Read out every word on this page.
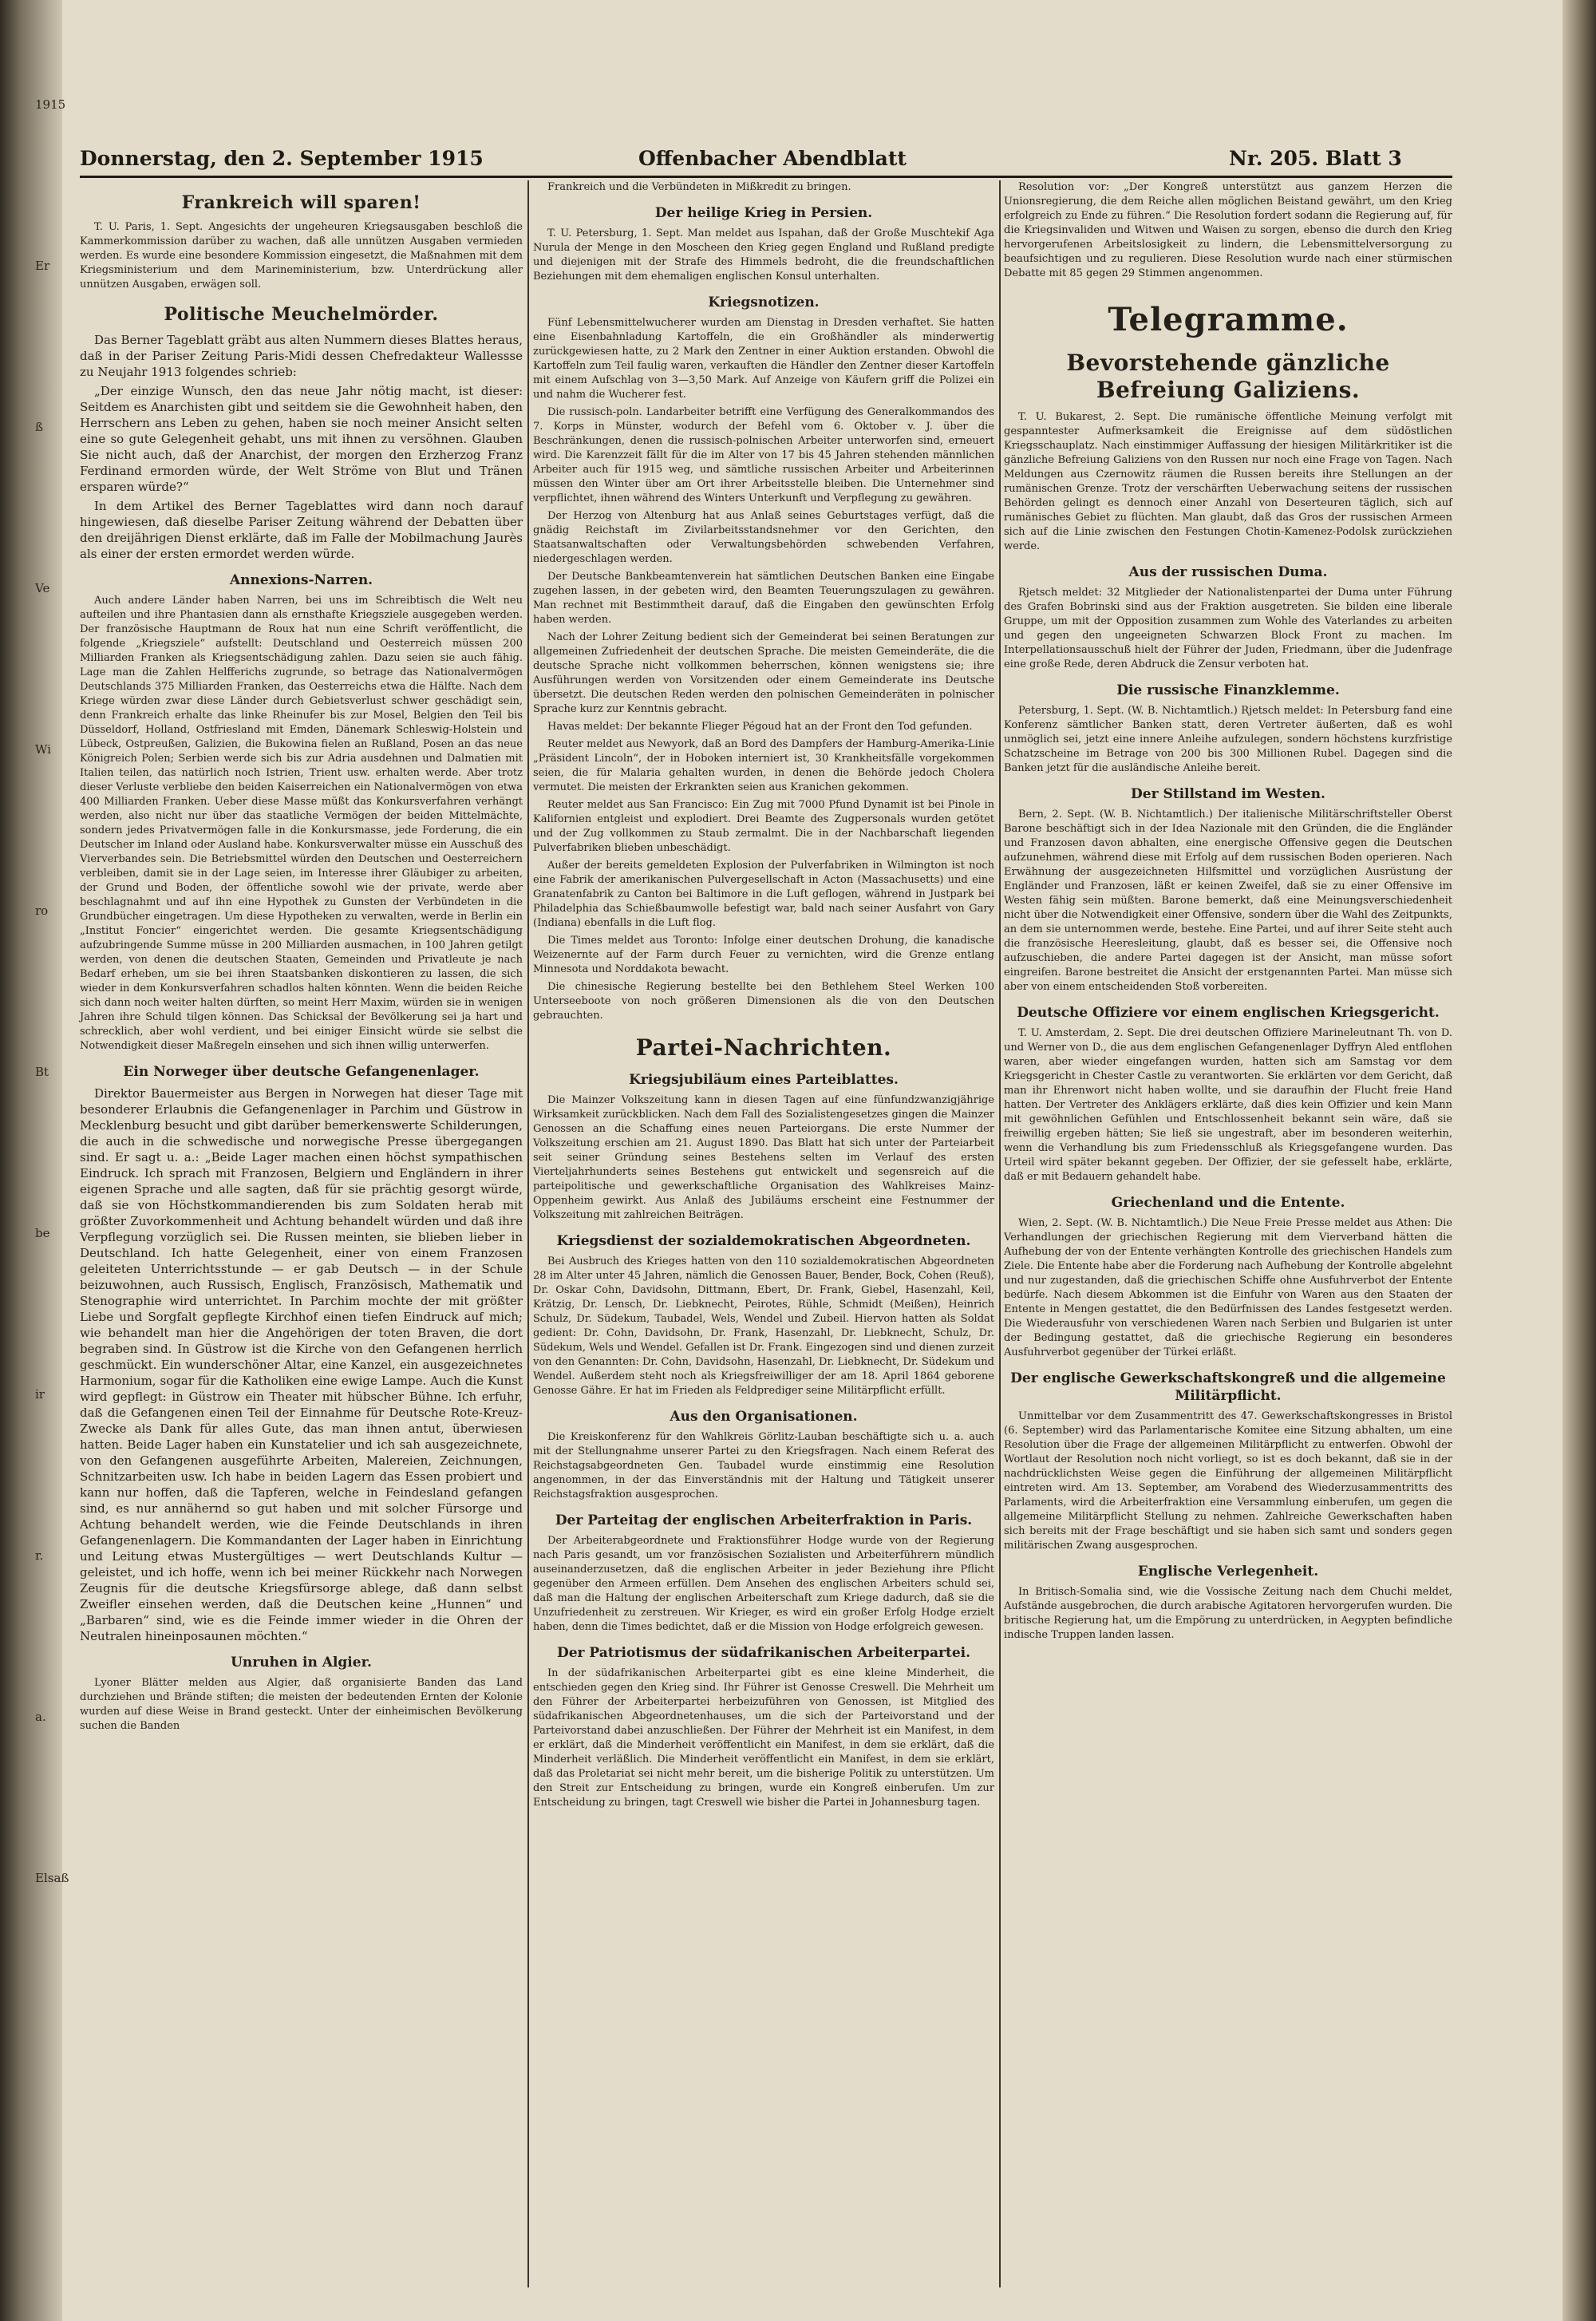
1915
Er
ß
Ve
Wi
ro
Bt
be
ir
r.
a.
Elsaß
Donnerstag, den 2. September 1915	Offenbacher Abendblatt	Nr. 205. Blatt 3
Frankreich will sparen!

T. U. Paris, 1. Sept. Angesichts der ungeheuren Kriegsausgaben beschloß die Kammerkommission darüber zu wachen, daß alle unnützen Ausgaben vermieden werden. Es wurde eine besondere Kommission eingesetzt, die Maßnahmen mit dem Kriegsministerium und dem Marineministerium, bzw. Unterdrückung aller unnützen Ausgaben, erwägen soll.

Politische Meuchelmörder.

Das Berner Tageblatt gräbt aus alten Nummern dieses Blattes heraus, daß in der Pariser Zeitung Paris-Midi dessen Chefredakteur Wallessse zu Neujahr 1913 folgendes schrieb:

„Der einzige Wunsch, den das neue Jahr nötig macht, ist dieser: Seitdem es Anarchisten gibt und seitdem sie die Gewohnheit haben, den Herrschern ans Leben zu gehen, haben sie noch meiner Ansicht selten eine so gute Gelegenheit gehabt, uns mit ihnen zu versöhnen. Glauben Sie nicht auch, daß der Anarchist, der morgen den Erzherzog Franz Ferdinand ermorden würde, der Welt Ströme von Blut und Tränen ersparen würde?“

In dem Artikel des Berner Tageblattes wird dann noch darauf hingewiesen, daß dieselbe Pariser Zeitung während der Debatten über den dreijährigen Dienst erklärte, daß im Falle der Mobilmachung Jaurès als einer der ersten ermordet werden würde.

Annexions-Narren.

Auch andere Länder haben Narren, bei uns im Schreibtisch die Welt neu aufteilen und ihre Phantasien dann als ernsthafte Kriegsziele ausgegeben werden. Der französische Hauptmann de Roux hat nun eine Schrift veröffentlicht, die folgende „Kriegsziele“ aufstellt: Deutschland und Oesterreich müssen 200 Milliarden Franken als Kriegsentschädigung zahlen. Dazu seien sie auch fähig. Lage man die Zahlen Helfferichs zugrunde, so betrage das Nationalvermögen Deutschlands 375 Milliarden Franken, das Oesterreichs etwa die Hälfte. Nach dem Kriege würden zwar diese Länder durch Gebietsverlust schwer geschädigt sein, denn Frankreich erhalte das linke Rheinufer bis zur Mosel, Belgien den Teil bis Düsseldorf, Holland, Ostfriesland mit Emden, Dänemark Schleswig-Holstein und Lübeck, Ostpreußen, Galizien, die Bukowina fielen an Rußland, Posen an das neue Königreich Polen; Serbien werde sich bis zur Adria ausdehnen und Dalmatien mit Italien teilen, das natürlich noch Istrien, Trient usw. erhalten werde. Aber trotz dieser Verluste verbliebe den beiden Kaiserreichen ein Nationalvermögen von etwa 400 Milliarden Franken. Ueber diese Masse müßt das Konkursverfahren verhängt werden, also nicht nur über das staatliche Vermögen der beiden Mittelmächte, sondern jedes Privatvermögen falle in die Konkursmasse, jede Forderung, die ein Deutscher im Inland oder Ausland habe. Konkursverwalter müsse ein Ausschuß des Vierverbandes sein. Die Betriebsmittel würden den Deutschen und Oesterreichern verbleiben, damit sie in der Lage seien, im Interesse ihrer Gläubiger zu arbeiten, der Grund und Boden, der öffentliche sowohl wie der private, werde aber beschlagnahmt und auf ihn eine Hypothek zu Gunsten der Verbündeten in die Grundbücher eingetragen. Um diese Hypotheken zu verwalten, werde in Berlin ein „Institut Foncier“ eingerichtet werden. Die gesamte Kriegsentschädigung aufzubringende Summe müsse in 200 Milliarden ausmachen, in 100 Jahren getilgt werden, von denen die deutschen Staaten, Gemeinden und Privatleute je nach Bedarf erheben, um sie bei ihren Staatsbanken diskontieren zu lassen, die sich wieder in dem Konkursverfahren schadlos halten könnten. Wenn die beiden Reiche sich dann noch weiter halten dürften, so meint Herr Maxim, würden sie in wenigen Jahren ihre Schuld tilgen können. Das Schicksal der Bevölkerung sei ja hart und schrecklich, aber wohl verdient, und bei einiger Einsicht würde sie selbst die Notwendigkeit dieser Maßregeln einsehen und sich ihnen willig unterwerfen.

Ein Norweger über deutsche Gefangenenlager.

Direktor Bauermeister aus Bergen in Norwegen hat dieser Tage mit besonderer Erlaubnis die Gefangenenlager in Parchim und Güstrow in Mecklenburg besucht und gibt darüber bemerkenswerte Schilderungen, die auch in die schwedische und norwegische Presse übergegangen sind. Er sagt u. a.: „Beide Lager machen einen höchst sympathischen Eindruck. Ich sprach mit Franzosen, Belgiern und Engländern in ihrer eigenen Sprache und alle sagten, daß für sie prächtig gesorgt würde, daß sie von Höchstkommandierenden bis zum Soldaten herab mit größter Zuvorkommenheit und Achtung behandelt würden und daß ihre Verpflegung vorzüglich sei. Die Russen meinten, sie blieben lieber in Deutschland. Ich hatte Gelegenheit, einer von einem Franzosen geleiteten Unterrichtsstunde — er gab Deutsch — in der Schule beizuwohnen, auch Russisch, Englisch, Französisch, Mathematik und Stenographie wird unterrichtet. In Parchim mochte der mit größter Liebe und Sorgfalt gepflegte Kirchhof einen tiefen Eindruck auf mich; wie behandelt man hier die Angehörigen der toten Braven, die dort begraben sind. In Güstrow ist die Kirche von den Gefangenen herrlich geschmückt. Ein wunderschöner Altar, eine Kanzel, ein ausgezeichnetes Harmonium, sogar für die Katholiken eine ewige Lampe. Auch die Kunst wird gepflegt: in Güstrow ein Theater mit hübscher Bühne. Ich erfuhr, daß die Gefangenen einen Teil der Einnahme für Deutsche Rote-Kreuz-Zwecke als Dank für alles Gute, das man ihnen antut, überwiesen hatten. Beide Lager haben ein Kunstatelier und ich sah ausgezeichnete, von den Gefangenen ausgeführte Arbeiten, Malereien, Zeichnungen, Schnitzarbeiten usw. Ich habe in beiden Lagern das Essen probiert und kann nur hoffen, daß die Tapferen, welche in Feindesland gefangen sind, es nur annähernd so gut haben und mit solcher Fürsorge und Achtung behandelt werden, wie die Feinde Deutschlands in ihren Gefangenenlagern. Die Kommandanten der Lager haben in Einrichtung und Leitung etwas Mustergültiges — wert Deutschlands Kultur — geleistet, und ich hoffe, wenn ich bei meiner Rückkehr nach Norwegen Zeugnis für die deutsche Kriegsfürsorge ablege, daß dann selbst Zweifler einsehen werden, daß die Deutschen keine „Hunnen“ und „Barbaren“ sind, wie es die Feinde immer wieder in die Ohren der Neutralen hineinposaunen möchten.“

Unruhen in Algier.

Lyoner Blätter melden aus Algier, daß organisierte Banden das Land durchziehen und Brände stiften; die meisten der bedeutenden Ernten der Kolonie wurden auf diese Weise in Brand gesteckt. Unter der einheimischen Bevölkerung suchen die Banden

Frankreich und die Verbündeten in Mißkredit zu bringen.

Der heilige Krieg in Persien.

T. U. Petersburg, 1. Sept. Man meldet aus Ispahan, daß der Große Muschtekif Aga Nurula der Menge in den Moscheen den Krieg gegen England und Rußland predigte und diejenigen mit der Strafe des Himmels bedroht, die die freundschaftlichen Beziehungen mit dem ehemaligen englischen Konsul unterhalten.

Kriegsnotizen.

Fünf Lebensmittelwucherer wurden am Dienstag in Dresden verhaftet. Sie hatten eine Eisenbahnladung Kartoffeln, die ein Großhändler als minderwertig zurückgewiesen hatte, zu 2 Mark den Zentner in einer Auktion erstanden. Obwohl die Kartoffeln zum Teil faulig waren, verkauften die Händler den Zentner dieser Kartoffeln mit einem Aufschlag von 3—3,50 Mark. Auf Anzeige von Käufern griff die Polizei ein und nahm die Wucherer fest.

Die russisch-poln. Landarbeiter betrifft eine Verfügung des Generalkommandos des 7. Korps in Münster, wodurch der Befehl vom 6. Oktober v. J. über die Beschränkungen, denen die russisch-polnischen Arbeiter unterworfen sind, erneuert wird. Die Karenzzeit fällt für die im Alter von 17 bis 45 Jahren stehenden männlichen Arbeiter auch für 1915 weg, und sämtliche russischen Arbeiter und Arbeiterinnen müssen den Winter über am Ort ihrer Arbeitsstelle bleiben. Die Unternehmer sind verpflichtet, ihnen während des Winters Unterkunft und Verpflegung zu gewähren.

Der Herzog von Altenburg hat aus Anlaß seines Geburtstages verfügt, daß die gnädig Reichstaft im Zivilarbeitsstandsnehmer vor den Gerichten, den Staatsanwaltschaften oder Verwaltungsbehörden schwebenden Verfahren, niedergeschlagen werden.

Der Deutsche Bankbeamtenverein hat sämtlichen Deutschen Banken eine Eingabe zugehen lassen, in der gebeten wird, den Beamten Teuerungszulagen zu gewähren. Man rechnet mit Bestimmtheit darauf, daß die Eingaben den gewünschten Erfolg haben werden.

Nach der Lohrer Zeitung bedient sich der Gemeinderat bei seinen Beratungen zur allgemeinen Zufriedenheit der deutschen Sprache. Die meisten Gemeinderäte, die die deutsche Sprache nicht vollkommen beherrschen, können wenigstens sie; ihre Ausführungen werden von Vorsitzenden oder einem Gemeinderate ins Deutsche übersetzt. Die deutschen Reden werden den polnischen Gemeinderäten in polnischer Sprache kurz zur Kenntnis gebracht.

Havas meldet: Der bekannte Flieger Pégoud hat an der Front den Tod gefunden.

Reuter meldet aus Newyork, daß an Bord des Dampfers der Hamburg-Amerika-Linie „Präsident Lincoln“, der in Hoboken interniert ist, 30 Krankheitsfälle vorgekommen seien, die für Malaria gehalten wurden, in denen die Behörde jedoch Cholera vermutet. Die meisten der Erkrankten seien aus Kranichen gekommen.

Reuter meldet aus San Francisco: Ein Zug mit 7000 Pfund Dynamit ist bei Pinole in Kalifornien entgleist und explodiert. Drei Beamte des Zugpersonals wurden getötet und der Zug vollkommen zu Staub zermalmt. Die in der Nachbarschaft liegenden Pulverfabriken blieben unbeschädigt.

Außer der bereits gemeldeten Explosion der Pulverfabriken in Wilmington ist noch eine Fabrik der amerikanischen Pulvergesellschaft in Acton (Massachusetts) und eine Granatenfabrik zu Canton bei Baltimore in die Luft geflogen, während in Justpark bei Philadelphia das Schießbaumwolle befestigt war, bald nach seiner Ausfahrt von Gary (Indiana) ebenfalls in die Luft flog.

Die Times meldet aus Toronto: Infolge einer deutschen Drohung, die kanadische Weizenernte auf der Farm durch Feuer zu vernichten, wird die Grenze entlang Minnesota und Norddakota bewacht.

Die chinesische Regierung bestellte bei den Bethlehem Steel Werken 100 Unterseeboote von noch größeren Dimensionen als die von den Deutschen gebrauchten.

Partei-Nachrichten.
Kriegsjubiläum eines Parteiblattes.

Die Mainzer Volkszeitung kann in diesen Tagen auf eine fünfundzwanzigjährige Wirksamkeit zurückblicken. Nach dem Fall des Sozialistengesetzes gingen die Mainzer Genossen an die Schaffung eines neuen Parteiorgans. Die erste Nummer der Volkszeitung erschien am 21. August 1890. Das Blatt hat sich unter der Parteiarbeit seit seiner Gründung seines Bestehens selten im Verlauf des ersten Vierteljahrhunderts seines Bestehens gut entwickelt und segensreich auf die parteipolitische und gewerkschaftliche Organisation des Wahlkreises Mainz-Oppenheim gewirkt. Aus Anlaß des Jubiläums erscheint eine Festnummer der Volkszeitung mit zahlreichen Beiträgen.

Kriegsdienst der sozialdemokratischen Abgeordneten.

Bei Ausbruch des Krieges hatten von den 110 sozialdemokratischen Abgeordneten 28 im Alter unter 45 Jahren, nämlich die Genossen Bauer, Bender, Bock, Cohen (Reuß), Dr. Oskar Cohn, Davidsohn, Dittmann, Ebert, Dr. Frank, Giebel, Hasenzahl, Keil, Krätzig, Dr. Lensch, Dr. Liebknecht, Peirotes, Rühle, Schmidt (Meißen), Heinrich Schulz, Dr. Südekum, Taubadel, Wels, Wendel und Zubeil. Hiervon hatten als Soldat gedient: Dr. Cohn, Davidsohn, Dr. Frank, Hasenzahl, Dr. Liebknecht, Schulz, Dr. Südekum, Wels und Wendel. Gefallen ist Dr. Frank. Eingezogen sind und dienen zurzeit von den Genannten: Dr. Cohn, Davidsohn, Hasenzahl, Dr. Liebknecht, Dr. Südekum und Wendel. Außerdem steht noch als Kriegsfreiwilliger der am 18. April 1864 geborene Genosse Gähre. Er hat im Frieden als Feldprediger seine Militärpflicht erfüllt.

Aus den Organisationen.

Die Kreiskonferenz für den Wahlkreis Görlitz-Lauban beschäftigte sich u. a. auch mit der Stellungnahme unserer Partei zu den Kriegsfragen. Nach einem Referat des Reichstagsabgeordneten Gen. Taubadel wurde einstimmig eine Resolution angenommen, in der das Einverständnis mit der Haltung und Tätigkeit unserer Reichstagsfraktion ausgesprochen.

Der Parteitag der englischen Arbeiterfraktion in Paris.

Der Arbeiterabgeordnete und Fraktionsführer Hodge wurde von der Regierung nach Paris gesandt, um vor französischen Sozialisten und Arbeiterführern mündlich auseinanderzusetzen, daß die englischen Arbeiter in jeder Beziehung ihre Pflicht gegenüber den Armeen erfüllen. Dem Ansehen des englischen Arbeiters schuld sei, daß man die Haltung der englischen Arbeiterschaft zum Kriege dadurch, daß sie die Unzufriedenheit zu zerstreuen. Wir Krieger, es wird ein großer Erfolg Hodge erzielt haben, denn die Times bedichtet, daß er die Mission von Hodge erfolgreich gewesen.

Der Patriotismus der südafrikanischen Arbeiterpartei.

In der südafrikanischen Arbeiterpartei gibt es eine kleine Minderheit, die entschieden gegen den Krieg sind. Ihr Führer ist Genosse Creswell. Die Mehrheit um den Führer der Arbeiterpartei herbeizuführen von Genossen, ist Mitglied des südafrikanischen Abgeordnetenhauses, um die sich der Parteivorstand und der Parteivorstand dabei anzuschließen. Der Führer der Mehrheit ist ein Manifest, in dem er erklärt, daß die Minderheit veröffentlicht ein Manifest, in dem sie erklärt, daß die Minderheit verläßlich. Die Minderheit veröffentlicht ein Manifest, in dem sie erklärt, daß das Proletariat sei nicht mehr bereit, um die bisherige Politik zu unterstützen. Um den Streit zur Entscheidung zu bringen, wurde ein Kongreß einberufen. Um zur Entscheidung zu bringen, tagt Creswell wie bisher die Partei in Johannesburg tagen.

Resolution vor: „Der Kongreß unterstützt aus ganzem Herzen die Unionsregierung, die dem Reiche allen möglichen Beistand gewährt, um den Krieg erfolgreich zu Ende zu führen.“ Die Resolution fordert sodann die Regierung auf, für die Kriegsinvaliden und Witwen und Waisen zu sorgen, ebenso die durch den Krieg hervorgerufenen Arbeitslosigkeit zu lindern, die Lebensmittelversorgung zu beaufsichtigen und zu regulieren. Diese Resolution wurde nach einer stürmischen Debatte mit 85 gegen 29 Stimmen angenommen.

Telegramme.
Bevorstehende gänzliche Befreiung Galiziens.

T. U. Bukarest, 2. Sept. Die rumänische öffentliche Meinung verfolgt mit gespanntester Aufmerksamkeit die Ereignisse auf dem südöstlichen Kriegsschauplatz. Nach einstimmiger Auffassung der hiesigen Militärkritiker ist die gänzliche Befreiung Galiziens von den Russen nur noch eine Frage von Tagen. Nach Meldungen aus Czernowitz räumen die Russen bereits ihre Stellungen an der rumänischen Grenze. Trotz der verschärften Ueberwachung seitens der russischen Behörden gelingt es dennoch einer Anzahl von Deserteuren täglich, sich auf rumänisches Gebiet zu flüchten. Man glaubt, daß das Gros der russischen Armeen sich auf die Linie zwischen den Festungen Chotin-Kamenez-Podolsk zurückziehen werde.

Aus der russischen Duma.

Rjetsch meldet: 32 Mitglieder der Nationalistenpartei der Duma unter Führung des Grafen Bobrinski sind aus der Fraktion ausgetreten. Sie bilden eine liberale Gruppe, um mit der Opposition zusammen zum Wohle des Vaterlandes zu arbeiten und gegen den ungeeigneten Schwarzen Block Front zu machen. Im Interpellationsausschuß hielt der Führer der Juden, Friedmann, über die Judenfrage eine große Rede, deren Abdruck die Zensur verboten hat.

Die russische Finanzklemme.

Petersburg, 1. Sept. (W. B. Nichtamtlich.) Rjetsch meldet: In Petersburg fand eine Konferenz sämtlicher Banken statt, deren Vertreter äußerten, daß es wohl unmöglich sei, jetzt eine innere Anleihe aufzulegen, sondern höchstens kurzfristige Schatzscheine im Betrage von 200 bis 300 Millionen Rubel. Dagegen sind die Banken jetzt für die ausländische Anleihe bereit.

Der Stillstand im Westen.

Bern, 2. Sept. (W. B. Nichtamtlich.) Der italienische Militärschriftsteller Oberst Barone beschäftigt sich in der Idea Nazionale mit den Gründen, die die Engländer und Franzosen davon abhalten, eine energische Offensive gegen die Deutschen aufzunehmen, während diese mit Erfolg auf dem russischen Boden operieren. Nach Erwähnung der ausgezeichneten Hilfsmittel und vorzüglichen Ausrüstung der Engländer und Franzosen, läßt er keinen Zweifel, daß sie zu einer Offensive im Westen fähig sein müßten. Barone bemerkt, daß eine Meinungsverschiedenheit nicht über die Notwendigkeit einer Offensive, sondern über die Wahl des Zeitpunkts, an dem sie unternommen werde, bestehe. Eine Partei, und auf ihrer Seite steht auch die französische Heeresleitung, glaubt, daß es besser sei, die Offensive noch aufzuschieben, die andere Partei dagegen ist der Ansicht, man müsse sofort eingreifen. Barone bestreitet die Ansicht der erstgenannten Partei. Man müsse sich aber von einem entscheidenden Stoß vorbereiten.

Deutsche Offiziere vor einem englischen Kriegsgericht.

T. U. Amsterdam, 2. Sept. Die drei deutschen Offiziere Marineleutnant Th. von D. und Werner von D., die aus dem englischen Gefangenenlager Dyffryn Aled entflohen waren, aber wieder eingefangen wurden, hatten sich am Samstag vor dem Kriegsgericht in Chester Castle zu verantworten. Sie erklärten vor dem Gericht, daß man ihr Ehrenwort nicht haben wollte, und sie daraufhin der Flucht freie Hand hatten. Der Vertreter des Anklägers erklärte, daß dies kein Offizier und kein Mann mit gewöhnlichen Gefühlen und Entschlossenheit bekannt sein wäre, daß sie freiwillig ergeben hätten; Sie ließ sie ungestraft, aber im besonderen weiterhin, wenn die Verhandlung bis zum Friedensschluß als Kriegsgefangene wurden. Das Urteil wird später bekannt gegeben. Der Offizier, der sie gefesselt habe, erklärte, daß er mit Bedauern gehandelt habe.

Griechenland und die Entente.

Wien, 2. Sept. (W. B. Nichtamtlich.) Die Neue Freie Presse meldet aus Athen: Die Verhandlungen der griechischen Regierung mit dem Vierverband hätten die Aufhebung der von der Entente verhängten Kontrolle des griechischen Handels zum Ziele. Die Entente habe aber die Forderung nach Aufhebung der Kontrolle abgelehnt und nur zugestanden, daß die griechischen Schiffe ohne Ausfuhrverbot der Entente bedürfe. Nach diesem Abkommen ist die Einfuhr von Waren aus den Staaten der Entente in Mengen gestattet, die den Bedürfnissen des Landes festgesetzt werden. Die Wiederausfuhr von verschiedenen Waren nach Serbien und Bulgarien ist unter der Bedingung gestattet, daß die griechische Regierung ein besonderes Ausfuhrverbot gegenüber der Türkei erläßt.

Der englische Gewerkschaftskongreß und die allgemeine Militärpflicht.

Unmittelbar vor dem Zusammentritt des 47. Gewerkschaftskongresses in Bristol (6. September) wird das Parlamentarische Komitee eine Sitzung abhalten, um eine Resolution über die Frage der allgemeinen Militärpflicht zu entwerfen. Obwohl der Wortlaut der Resolution noch nicht vorliegt, so ist es doch bekannt, daß sie in der nachdrücklichsten Weise gegen die Einführung der allgemeinen Militärpflicht eintreten wird. Am 13. September, am Vorabend des Wiederzusammentritts des Parlaments, wird die Arbeiterfraktion eine Versammlung einberufen, um gegen die allgemeine Militärpflicht Stellung zu nehmen. Zahlreiche Gewerkschaften haben sich bereits mit der Frage beschäftigt und sie haben sich samt und sonders gegen militärischen Zwang ausgesprochen.

Englische Verlegenheit.

In Britisch-Somalia sind, wie die Vossische Zeitung nach dem Chuchi meldet, Aufstände ausgebrochen, die durch arabische Agitatoren hervorgerufen wurden. Die britische Regierung hat, um die Empörung zu unterdrücken, in Aegypten befindliche indische Truppen landen lassen.
